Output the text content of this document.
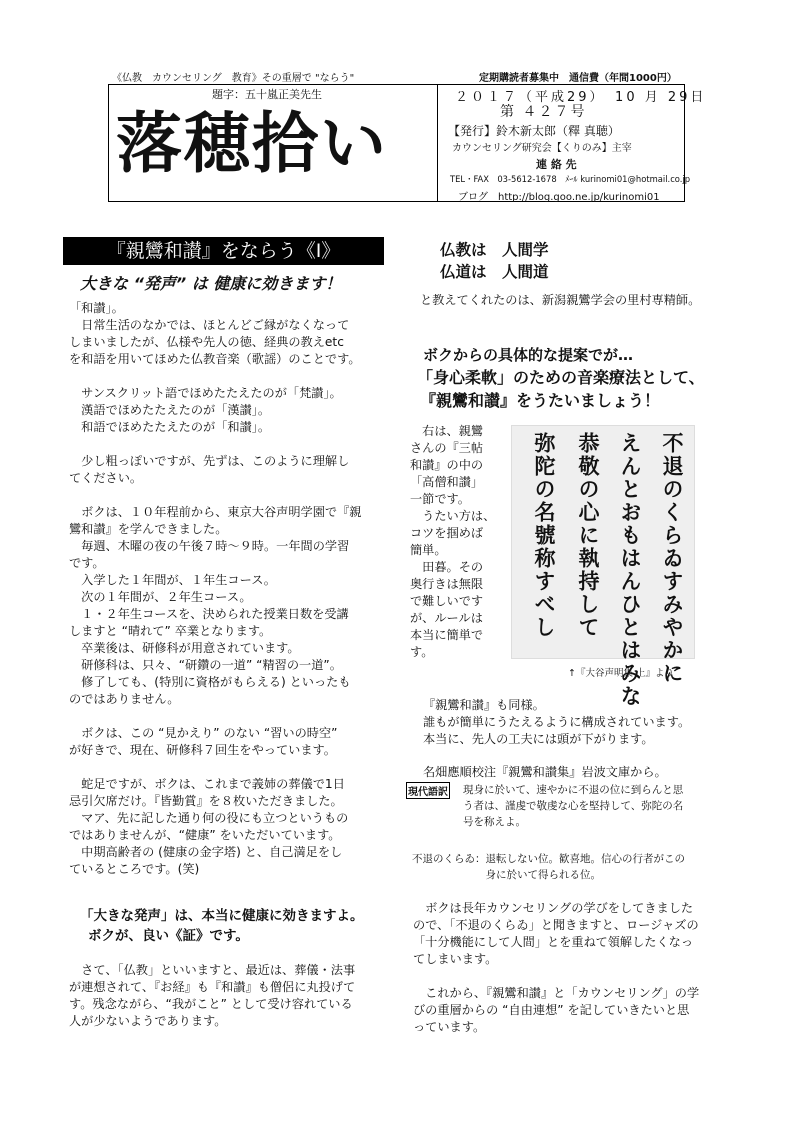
《仏教　カウンセリング　教育》その重層で "ならう"	定期購読者募集中　通信費（年間1000円）
題字：五十嵐正美先生
落穂拾い
２０１７（平成29）　10 月 29日
第 ４２７号
【発行】鈴木新太郎（釋 真聴）
カウンセリング研究会【くりのみ】主宰
連 絡 先
TEL・FAX　03-5612-1678　ﾒｰﾙ kurinomi01@hotmail.co.jp
ブログ　http://blog.goo.ne.jp/kurinomi01
『親鸞和讃』をならう《Ⅰ》
大きな “発声” は 健康に効きます！

「和讃」。

　日常生活のなかでは、ほとんどご縁がなくなって

しまいましたが、仏様や先人の徳、経典の教えetc

を和語を用いてほめた仏教音楽（歌謡）のことです。

　サンスクリット語でほめたたえたのが「梵讃」。

　漢語でほめたたえたのが「漢讃」。

　和語でほめたたえたのが「和讃」。

　少し粗っぽいですが、先ずは、このように理解し

てください。

　ボクは、１０年程前から、東京大谷声明学園で『親

鸞和讃』を学んできました。

　毎週、木曜の夜の午後７時～９時。一年間の学習

です。

　入学した１年間が、１年生コース。

　次の１年間が、２年生コース。

　１・２年生コースを、決められた授業日数を受講

しますと “晴れて” 卒業となります。

　卒業後は、研修科が用意されています。

　研修科は、只々、“研鑽の一道” “精習の一道”。

　修了しても、(特別に資格がもらえる) といったも

のではありません。

　ボクは、この “見かえり” のない “習いの時空”

が好きで、現在、研修科７回生をやっています。

　蛇足ですが、ボクは、これまで義姉の葬儀で1日

忌引欠席だけ。『皆勤賞』を８枚いただきました。

　マア、先に記した通り何の役にも立つというもの

ではありませんが、“健康” をいただいています。

　中期高齢者の (健康の金字塔) と、自己満足をし

ているところです。(笑)

「大きな発声」は、本当に健康に効きますよ。
ボクが、良い《証》です。

　さて、「仏教」といいますと、最近は、葬儀・法事

が連想されて、『お経』も『和讃』も僧侶に丸投げて

す。残念ながら、“我がこと” として受け容れている

人が少ないようであります。

仏教は　人間学
仏道は　人間道
と教えてくれたのは、新潟親鸞学会の里村専精師。
ボクからの具体的な提案でが…
「身心柔軟」のための音楽療法として、
『親鸞和讃』をうたいましょう！

　右は、親鸞

さんの『三帖

和讃』の中の

「高僧和讃」

一節です。

　うたい方は、

コツを掴めば

簡単。

　田暮。その

奥行きは無限

で難しいです

が、ルールは

本当に簡単で

す。	不退のくらゐすみやかに
えんとおもはんひとはみな
恭敬の心に執持して
弥陀の名號称すべし
↑『大谷声明集 上』より

『親鸞和讃』も同様。

誰もが簡単にうたえるように構成されています。

本当に、先人の工夫には頭が下がります。

名畑應順校注『親鸞和讃集』岩波文庫から。
現代語訳 現身に於いて、速やかに不退の位に到らんと思

う者は、謹虔で敬虔な心を堅持して、弥陀の名

号を称えよ。

不退のくらゐ：退転しない位。歓喜地。信心の行者がこの

　　　　　　　身に於いて得られる位。

　ボクは長年カウンセリングの学びをしてきました

ので、「不退のくらゐ」と聞きますと、ロージャズの

「十分機能にして人間」とを重ねて領解したくなっ

てしまいます。

　これから、『親鸞和讃』と「カウンセリング」の学

びの重層からの “自由連想” を記していきたいと思

っています。
